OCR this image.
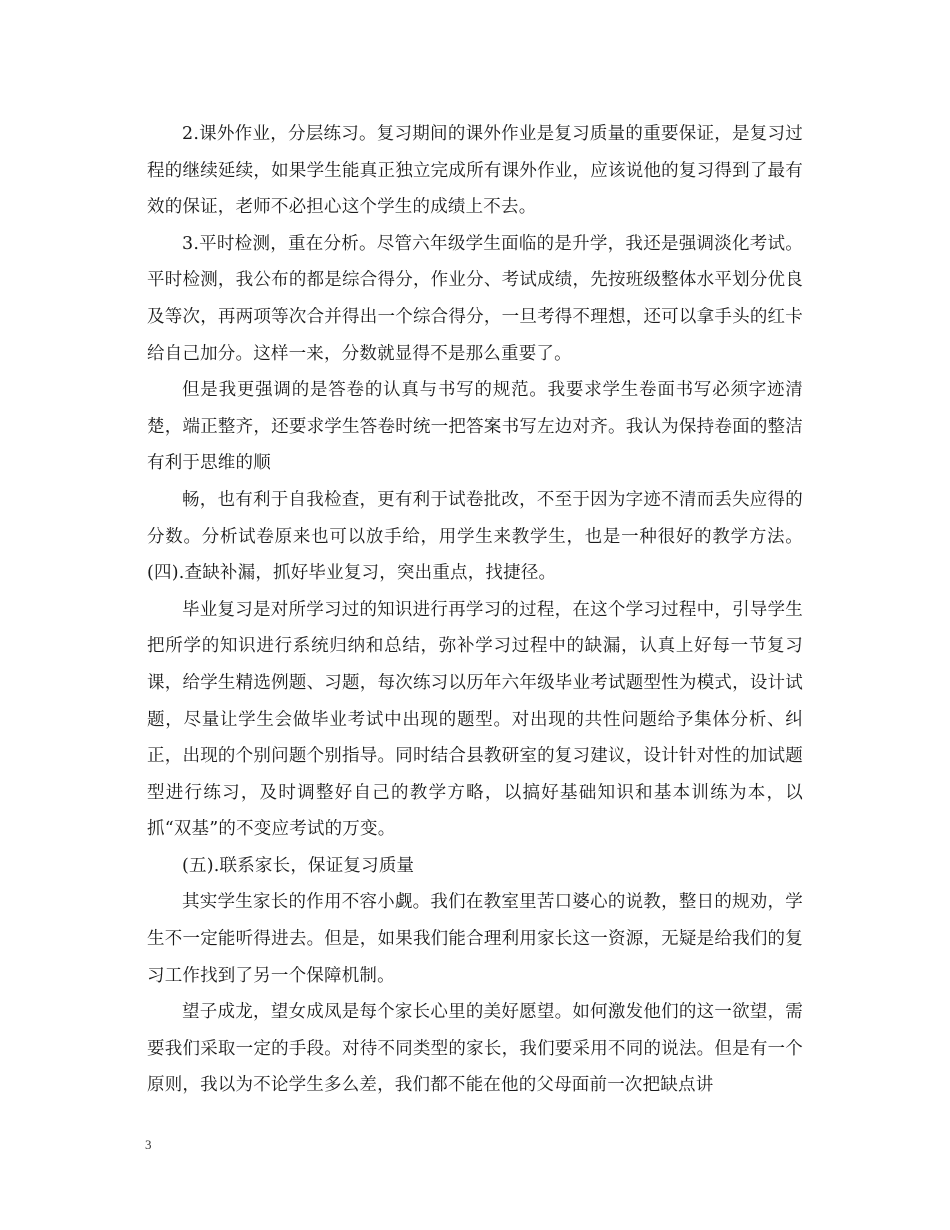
2.课外作业，分层练习。复习期间的课外作业是复习质量的重要保证，是复习过程的继续延续，如果学生能真正独立完成所有课外作业，应该说他的复习得到了最有效的保证，老师不必担心这个学生的成绩上不去。

3.平时检测，重在分析。尽管六年级学生面临的是升学，我还是强调淡化考试。平时检测，我公布的都是综合得分，作业分、考试成绩，先按班级整体水平划分优良及等次，再两项等次合并得出一个综合得分，一旦考得不理想，还可以拿手头的红卡给自己加分。这样一来，分数就显得不是那么重要了。

但是我更强调的是答卷的认真与书写的规范。我要求学生卷面书写必须字迹清楚，端正整齐，还要求学生答卷时统一把答案书写左边对齐。我认为保持卷面的整洁有利于思维的顺

畅，也有利于自我检查，更有利于试卷批改，不至于因为字迹不清而丢失应得的分数。分析试卷原来也可以放手给，用学生来教学生，也是一种很好的教学方法。 (四).查缺补漏，抓好毕业复习，突出重点，找捷径。

毕业复习是对所学习过的知识进行再学习的过程，在这个学习过程中，引导学生把所学的知识进行系统归纳和总结，弥补学习过程中的缺漏，认真上好每一节复习课，给学生精选例题、习题，每次练习以历年六年级毕业考试题型性为模式，设计试题，尽量让学生会做毕业考试中出现的题型。对出现的共性问题给予集体分析、纠正，出现的个别问题个别指导。同时结合县教研室的复习建议，设计针对性的加试题型进行练习，及时调整好自己的教学方略，以搞好基础知识和基本训练为本，以抓“双基”的不变应考试的万变。

(五).联系家长，保证复习质量

其实学生家长的作用不容小觑。我们在教室里苦口婆心的说教，整日的规劝，学生不一定能听得进去。但是，如果我们能合理利用家长这一资源，无疑是给我们的复习工作找到了另一个保障机制。

望子成龙，望女成凤是每个家长心里的美好愿望。如何激发他们的这一欲望，需要我们采取一定的手段。对待不同类型的家长，我们要采用不同的说法。但是有一个原则，我以为不论学生多么差，我们都不能在他的父母面前一次把缺点讲

3
